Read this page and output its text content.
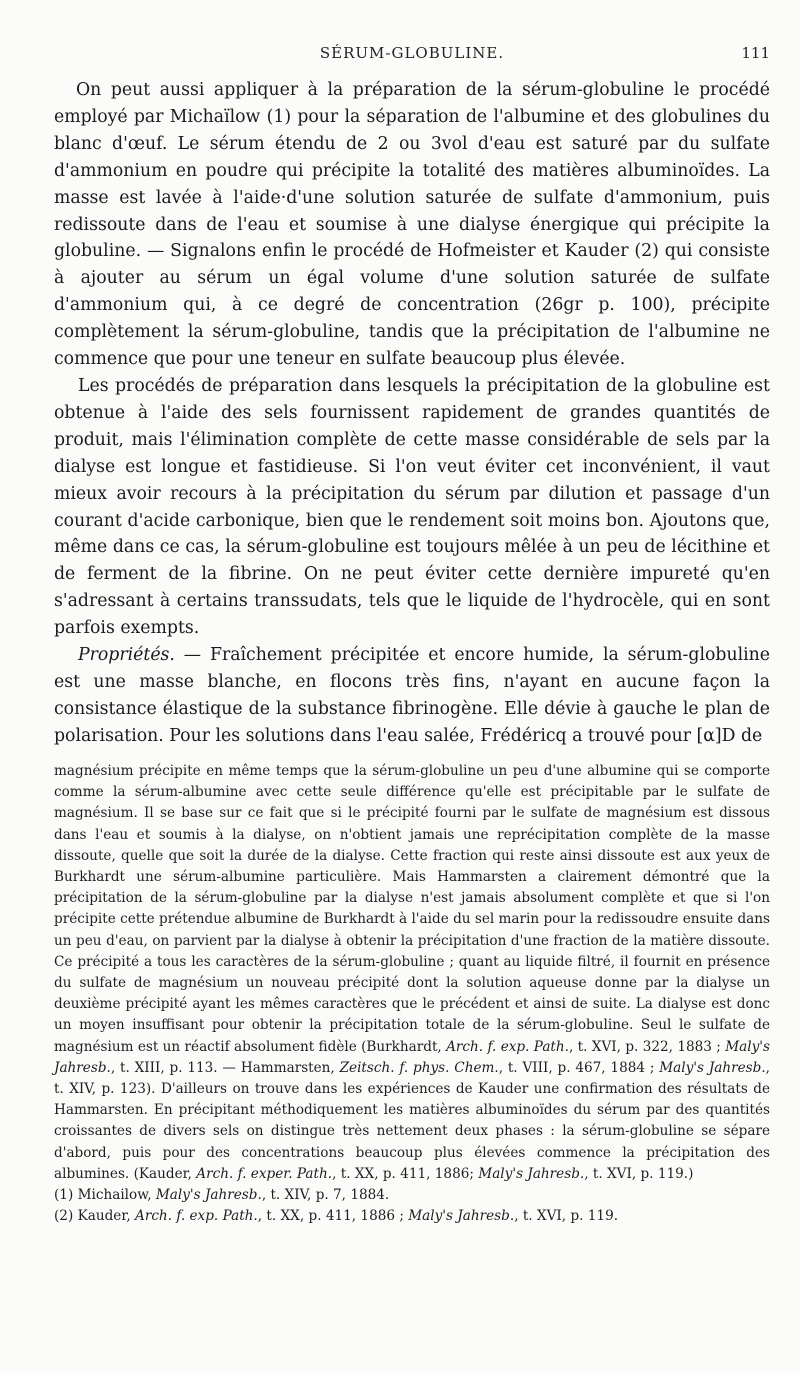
SÉRUM-GLOBULINE.	111

On peut aussi appliquer à la préparation de la sérum-globuline le procédé employé par Michaïlow (1) pour la séparation de l'albumine et des globulines du blanc d'œuf. Le sérum étendu de 2 ou 3vol d'eau est saturé par du sulfate d'ammonium en poudre qui précipite la totalité des matières albuminoïdes. La masse est lavée à l'aide·d'une solution saturée de sulfate d'ammonium, puis redissoute dans de l'eau et soumise à une dialyse énergique qui précipite la globuline. — Signalons enfin le procédé de Hofmeister et Kauder (2) qui consiste à ajouter au sérum un égal volume d'une solution saturée de sulfate d'ammonium qui, à ce degré de concentration (26gr p. 100), précipite complètement la sérum-globuline, tandis que la précipitation de l'albumine ne commence que pour une teneur en sulfate beaucoup plus élevée.

Les procédés de préparation dans lesquels la précipitation de la globuline est obtenue à l'aide des sels fournissent rapidement de grandes quantités de produit, mais l'élimination complète de cette masse considérable de sels par la dialyse est longue et fastidieuse. Si l'on veut éviter cet inconvénient, il vaut mieux avoir recours à la précipitation du sérum par dilution et passage d'un courant d'acide carbonique, bien que le rendement soit moins bon. Ajoutons que, même dans ce cas, la sérum-globuline est toujours mêlée à un peu de lécithine et de ferment de la fibrine. On ne peut éviter cette dernière impureté qu'en s'adressant à certains transsudats, tels que le liquide de l'hydrocèle, qui en sont parfois exempts.

Propriétés. — Fraîchement précipitée et encore humide, la sérum-globuline est une masse blanche, en flocons très fins, n'ayant en aucune façon la consistance élastique de la substance fibrinogène. Elle dévie à gauche le plan de polarisation. Pour les solutions dans l'eau salée, Frédéricq a trouvé pour [α]D de

magnésium précipite en même temps que la sérum-globuline un peu d'une albumine qui se comporte comme la sérum-albumine avec cette seule différence qu'elle est précipitable par le sulfate de magnésium. Il se base sur ce fait que si le précipité fourni par le sulfate de magnésium est dissous dans l'eau et soumis à la dialyse, on n'obtient jamais une reprécipitation complète de la masse dissoute, quelle que soit la durée de la dialyse. Cette fraction qui reste ainsi dissoute est aux yeux de Burkhardt une sérum-albumine particulière. Mais Hammarsten a clairement démontré que la précipitation de la sérum-globuline par la dialyse n'est jamais absolument complète et que si l'on précipite cette prétendue albumine de Burkhardt à l'aide du sel marin pour la redissoudre ensuite dans un peu d'eau, on parvient par la dialyse à obtenir la précipitation d'une fraction de la matière dissoute. Ce précipité a tous les caractères de la sérum-globuline ; quant au liquide filtré, il fournit en présence du sulfate de magnésium un nouveau précipité dont la solution aqueuse donne par la dialyse un deuxième précipité ayant les mêmes caractères que le précédent et ainsi de suite. La dialyse est donc un moyen insuffisant pour obtenir la précipitation totale de la sérum-globuline. Seul le sulfate de magnésium est un réactif absolument fidèle (Burkhardt, Arch. f. exp. Path., t. XVI, p. 322, 1883 ; Maly's Jahresb., t. XIII, p. 113. — Hammarsten, Zeitsch. f. phys. Chem., t. VIII, p. 467, 1884 ; Maly's Jahresb., t. XIV, p. 123). D'ailleurs on trouve dans les expériences de Kauder une confirmation des résultats de Hammarsten. En précipitant méthodiquement les matières albuminoïdes du sérum par des quantités croissantes de divers sels on distingue très nettement deux phases : la sérum-globuline se sépare d'abord, puis pour des concentrations beaucoup plus élevées commence la précipitation des albumines. (Kauder, Arch. f. exper. Path., t. XX, p. 411, 1886; Maly's Jahresb., t. XVI, p. 119.)

(1) Michailow, Maly's Jahresb., t. XIV, p. 7, 1884.

(2) Kauder, Arch. f. exp. Path., t. XX, p. 411, 1886 ; Maly's Jahresb., t. XVI, p. 119.
